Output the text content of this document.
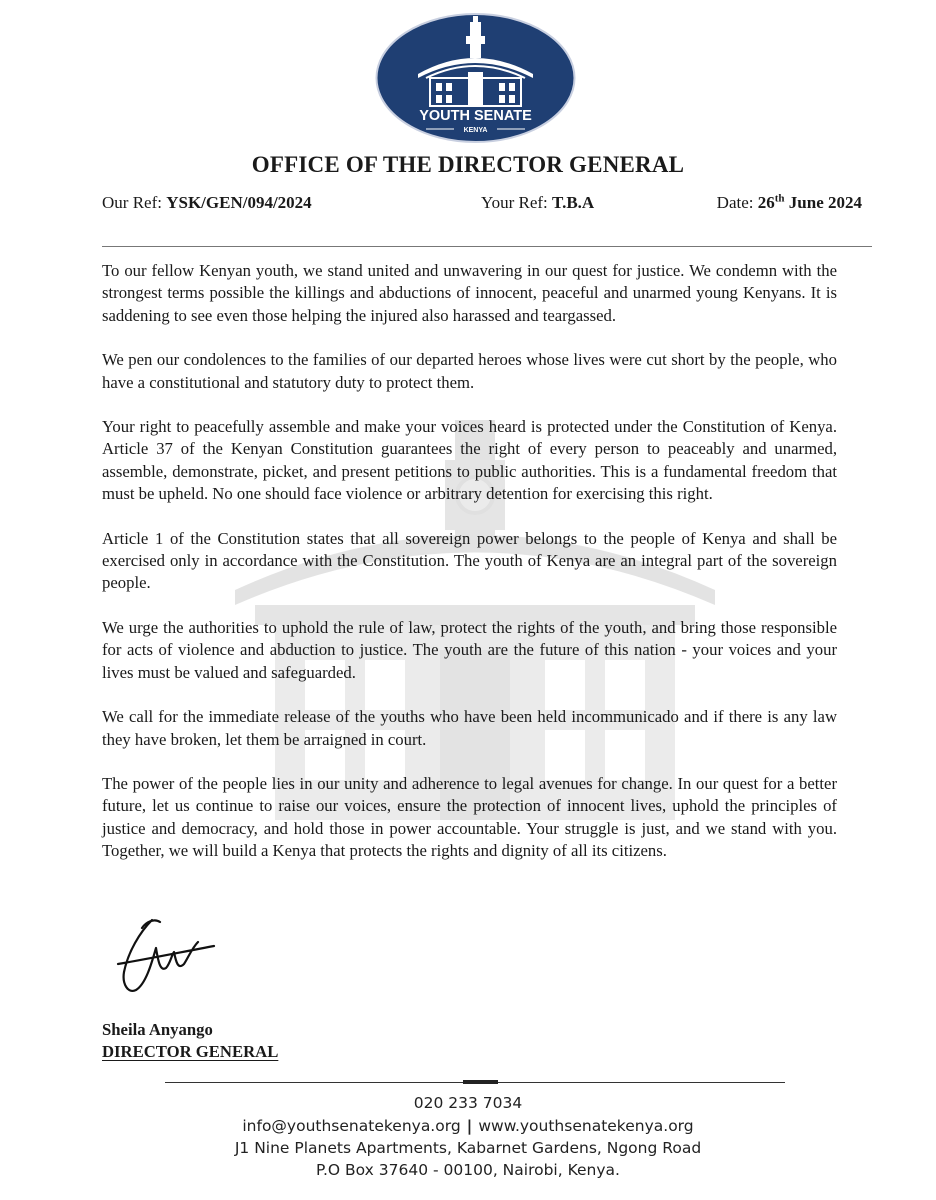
YOUTH SENATE
KENYA
OFFICE OF THE DIRECTOR GENERAL
Our Ref: YSK/GEN/094/2024	Your Ref: T.B.A	Date: 26th June 2024

To our fellow Kenyan youth, we stand united and unwavering in our quest for justice. We condemn with the strongest terms possible the killings and abductions of innocent, peaceful and unarmed young Kenyans. It is saddening to see even those helping the injured also harassed and teargassed.

We pen our condolences to the families of our departed heroes whose lives were cut short by the people, who have a constitutional and statutory duty to protect them.

Your right to peacefully assemble and make your voices heard is protected under the Constitution of Kenya. Article 37 of the Kenyan Constitution guarantees the right of every person to peaceably and unarmed, assemble, demonstrate, picket, and present petitions to public authorities. This is a fundamental freedom that must be upheld. No one should face violence or arbitrary detention for exercising this right.

Article 1 of the Constitution states that all sovereign power belongs to the people of Kenya and shall be exercised only in accordance with the Constitution. The youth of Kenya are an integral part of the sovereign people.

We urge the authorities to uphold the rule of law, protect the rights of the youth, and bring those responsible for acts of violence and abduction to justice. The youth are the future of this nation - your voices and your lives must be valued and safeguarded.

We call for the immediate release of the youths who have been held incommunicado and if there is any law they have broken, let them be arraigned in court.

The power of the people lies in our unity and adherence to legal avenues for change. In our quest for a better future, let us continue to raise our voices, ensure the protection of innocent lives, uphold the principles of justice and democracy, and hold those in power accountable. Your struggle is just, and we stand with you. Together, we will build a Kenya that protects the rights and dignity of all its citizens.

Sheila Anyango
DIRECTOR GENERAL
020 233 7034
info@youthsenatekenya.org | www.youthsenatekenya.org
J1 Nine Planets Apartments, Kabarnet Gardens, Ngong Road
P.O Box 37640 - 00100, Nairobi, Kenya.
